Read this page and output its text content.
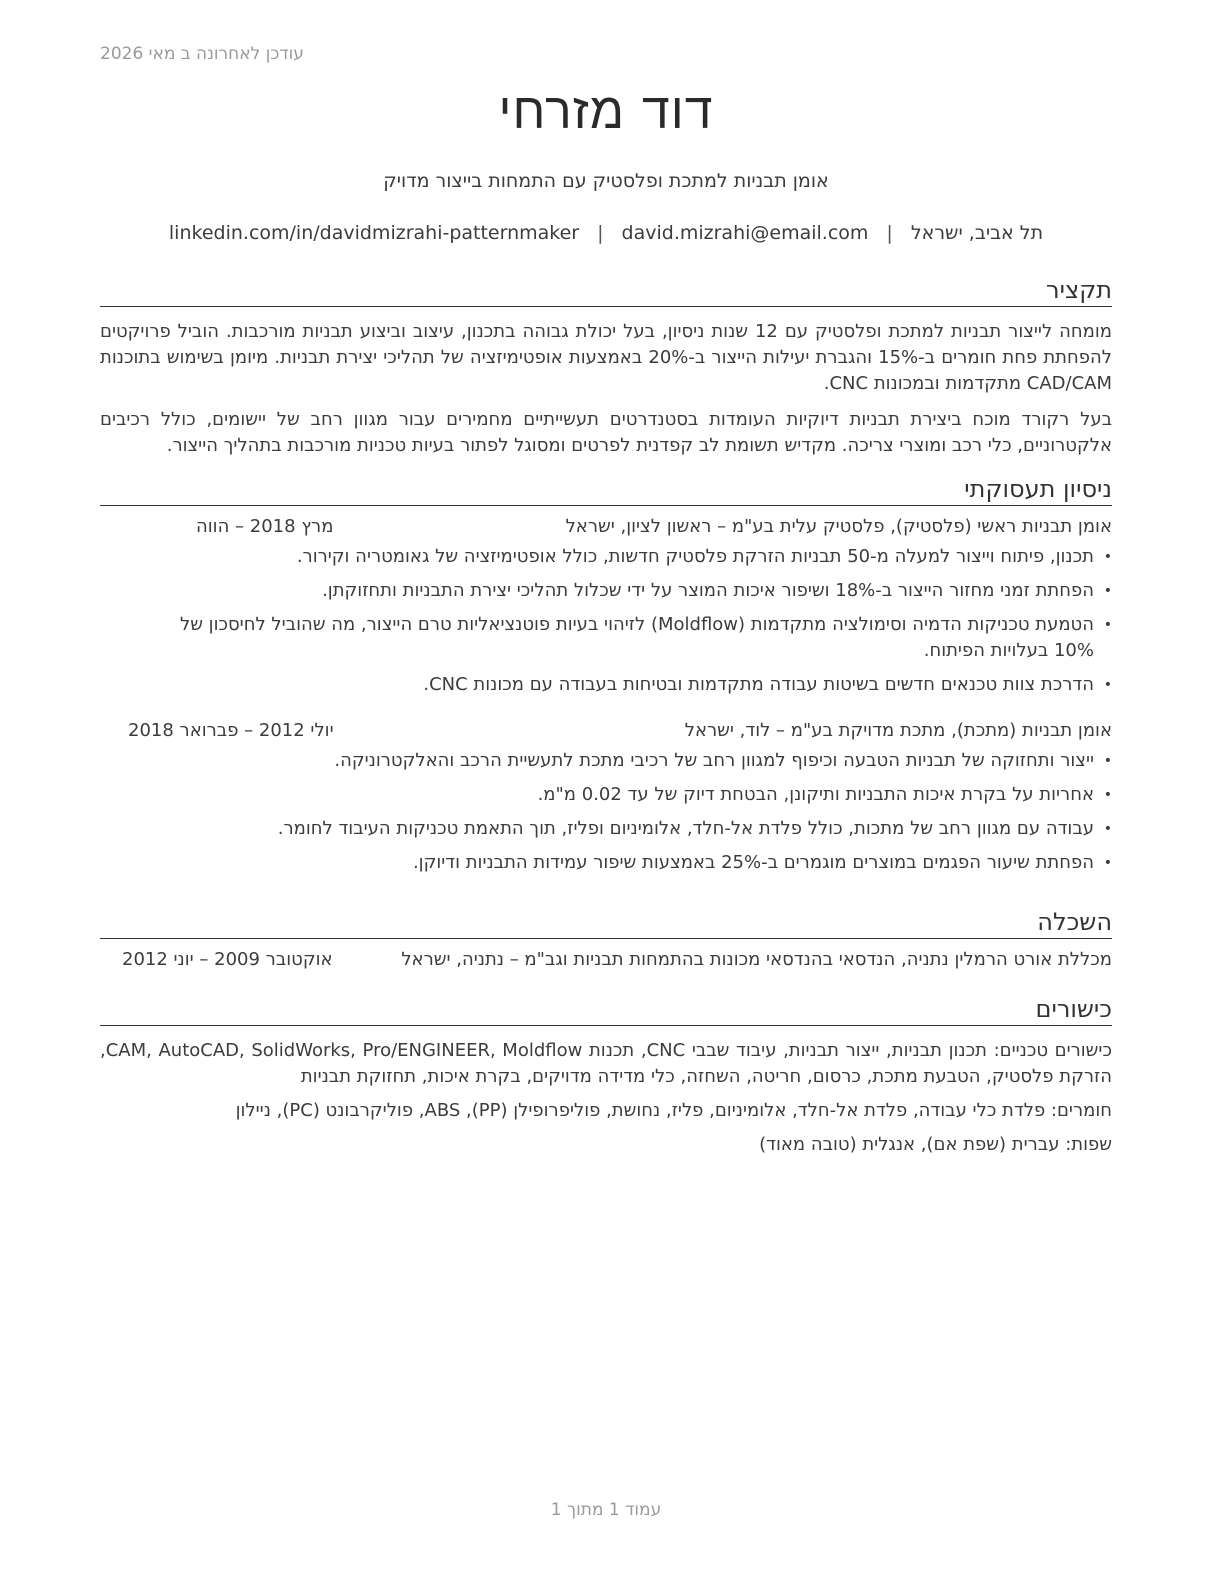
עודכן לאחרונה ב מאי 2026
דוד מזרחי
אומן תבניות למתכת ופלסטיק עם התמחות בייצור מדויק
תל אביב, ישראל
|
david.mizrahi@email.com
|
linkedin.com/in/davidmizrahi-patternmaker
תקציר

מומחה לייצור תבניות למתכת ופלסטיק עם 12 שנות ניסיון, בעל יכולת גבוהה בתכנון, עיצוב וביצוע תבניות מורכבות. הוביל פרויקטים להפחתת פחת חומרים ב-15% והגברת יעילות הייצור ב-20% באמצעות אופטימיזציה של תהליכי יצירת תבניות. מיומן בשימוש בתוכנות CAD/CAM מתקדמות ובמכונות CNC.

בעל רקורד מוכח ביצירת תבניות דיוקיות העומדות בסטנדרטים תעשייתיים מחמירים עבור מגוון רחב של יישומים, כולל רכיבים אלקטרוניים, כלי רכב ומוצרי צריכה. מקדיש תשומת לב קפדנית לפרטים ומסוגל לפתור בעיות טכניות מורכבות בתהליך הייצור.

ניסיון תעסוקתי
אומן תבניות ראשי (פלסטיק), פלסטיק עלית בע"מ – ראשון לציון, ישראל
מרץ 2018 – הווה
• תכנון, פיתוח וייצור למעלה מ-50 תבניות הזרקת פלסטיק חדשות, כולל אופטימיזציה של גאומטריה וקירור.
• הפחתת זמני מחזור הייצור ב-18% ושיפור איכות המוצר על ידי שכלול תהליכי יצירת התבניות ותחזוקתן.
• הטמעת טכניקות הדמיה וסימולציה מתקדמות (Moldflow) לזיהוי בעיות פוטנציאליות טרם הייצור, מה שהוביל לחיסכון של 10% בעלויות הפיתוח.
• הדרכת צוות טכנאים חדשים בשיטות עבודה מתקדמות ובטיחות בעבודה עם מכונות CNC.
אומן תבניות (מתכת), מתכת מדויקת בע"מ – לוד, ישראל
יולי 2012 – פברואר 2018
• ייצור ותחזוקה של תבניות הטבעה וכיפוף למגוון רחב של רכיבי מתכת לתעשיית הרכב והאלקטרוניקה.
• אחריות על בקרת איכות התבניות ותיקונן, הבטחת דיוק של עד 0.02 מ"מ.
• עבודה עם מגוון רחב של מתכות, כולל פלדת אל-חלד, אלומיניום ופליז, תוך התאמת טכניקות העיבוד לחומר.
• הפחתת שיעור הפגמים במוצרים מוגמרים ב-25% באמצעות שיפור עמידות התבניות ודיוקן.
השכלה
מכללת אורט הרמלין נתניה, הנדסאי בהנדסאי מכונות בהתמחות תבניות וגב"מ – נתניה, ישראל
אוקטובר 2009 – יוני 2012
כישורים

כישורים טכניים: תכנון תבניות, ייצור תבניות, עיבוד שבבי CNC, תכנות CAM, AutoCAD, SolidWorks, Pro/ENGINEER, Moldflow, הזרקת פלסטיק, הטבעת מתכת, כרסום, חריטה, השחזה, כלי מדידה מדויקים, בקרת איכות, תחזוקת תבניות

חומרים: פלדת כלי עבודה, פלדת אל-חלד, אלומיניום, פליז, נחושת, פוליפרופילן (PP), ABS, פוליקרבונט (PC), ניילון

שפות: עברית (שפת אם), אנגלית (טובה מאוד)

עמוד 1 מתוך 1
